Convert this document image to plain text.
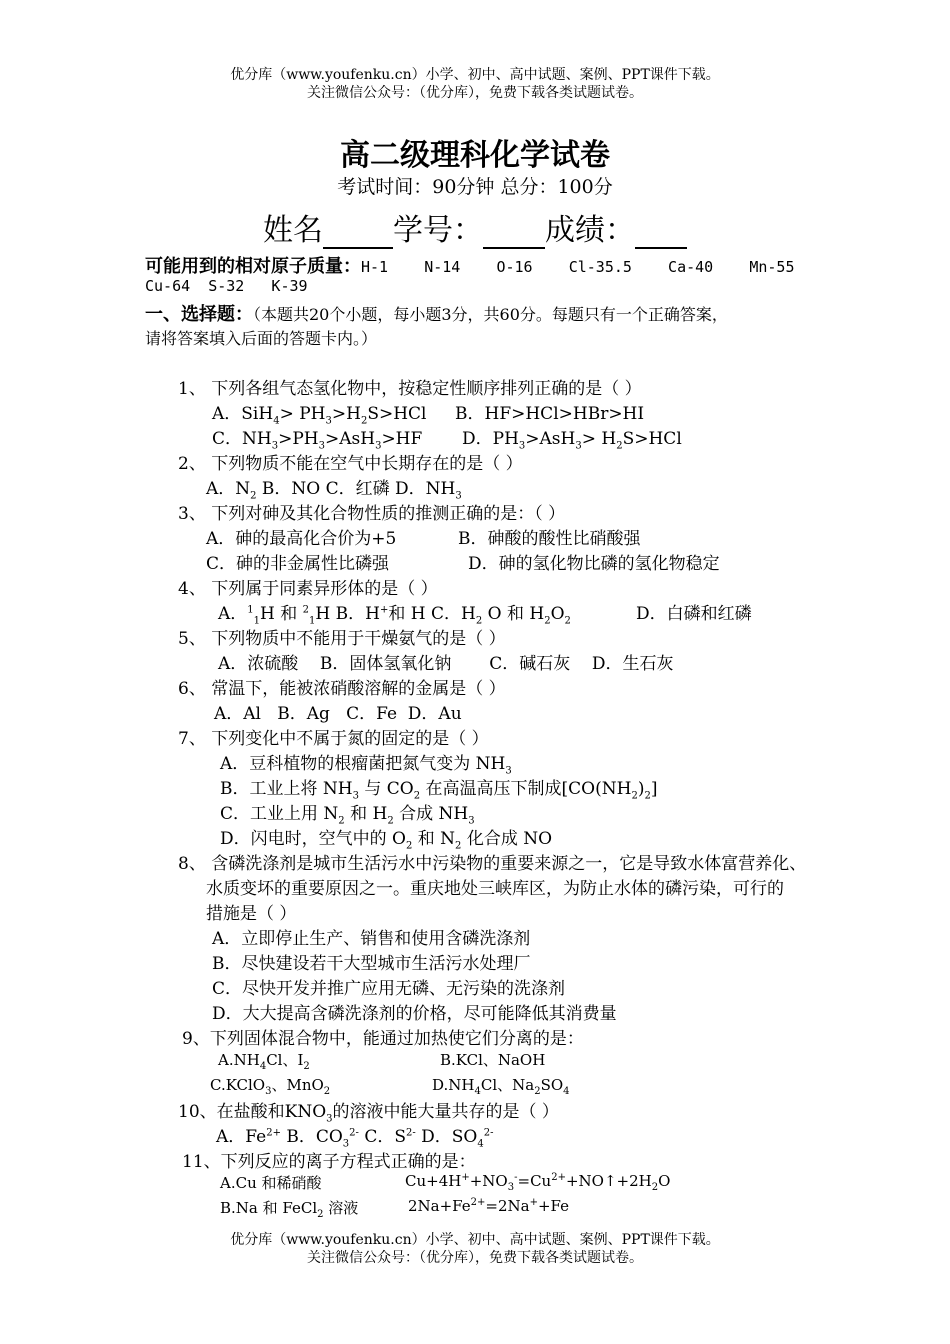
优分库（www.youfenku.cn）小学、初中、高中试题、案例、PPT课件下载。
关注微信公众号：（优分库），免费下载各类试题试卷。
高二级理科化学试卷
考试时间：90分钟 总分：100分
姓名 学号： 成绩：
可能用到的相对原子质量：H-1    N-14    O-16    Cl-35.5    Ca-40    Mn-55
Cu-64  S-32   K-39
一、选择题：（本题共20个小题，每小题3分，共60分。每题只有一个正确答案，
请将答案填入后面的答题卡内。）
1、 下列各组气态氢化物中，按稳定性顺序排列正确的是（ ）
A．$SiH_4> PH_3>H_2S>HCl$ B．HF>HCl>HBr>HI
C．$NH_3>PH_3>AsH_3>HF$ D．$PH_3>AsH_3> H_2S>HCl$
2、 下列物质不能在空气中长期存在的是（ ）
A．$N_2$ B．NO C．红磷 D．$NH_3$
3、 下列对砷及其化合物性质的推测正确的是：（ ）
A．砷的最高化合价为+5	B．砷酸的酸性比硝酸强
C．砷的非金属性比磷强	D．砷的氢化物比磷的氢化物稳定
4、 下列属于同素异形体的是（ ）
A．$^1_1$H 和 $^2_1$H B．H+和 H C．$H_2$ O 和 $H_2O_2$	D．白磷和红磷
5、 下列物质中不能用于干燥氨气的是（ ）
A．浓硫酸    B．固体氢氧化钠       C．碱石灰    D．生石灰
6、 常温下，能被浓硝酸溶解的金属是（ ）
A．Al   B．Ag   C．Fe  D．Au
7、 下列变化中不属于氮的固定的是（ ）
A．豆科植物的根瘤菌把氮气变为 $NH_3$
B．工业上将 $NH_3$ 与 $CO_2$ 在高温高压下制成$[CO(NH_2)_2]$
C．工业上用 $N_2$ 和 $H_2$ 合成 $NH_3$
D．闪电时，空气中的 $O_2$ 和 $N_2$ 化合成 NO
8、 含磷洗涤剂是城市生活污水中污染物的重要来源之一，它是导致水体富营养化、
水质变坏的重要原因之一。重庆地处三峡库区，为防止水体的磷污染，可行的
措施是（ ）
A．立即停止生产、销售和使用含磷洗涤剂
B．尽快建设若干大型城市生活污水处理厂
C．尽快开发并推广应用无磷、无污染的洗涤剂
D．大大提高含磷洗涤剂的价格，尽可能降低其消费量
9、下列固体混合物中，能通过加热使它们分离的是：
$A.NH_4Cl$、$I_2$	B.KCl、NaOH
C.KClO$_3$、MnO$_2$	$D.NH_4Cl$、$Na_2SO_4$
10、在盐酸和$KNO_3$的溶液中能大量共存的是（ ）
A．$Fe^{2+}$ B．$CO_3^{2-}$ C．$S^{2-}$ D．$SO_4^{2-}$
11、下列反应的离子方程式正确的是：
A.Cu 和稀硝酸	$Cu+4H^++NO_3^-=Cu^{2+}+NO↑+2H_2O$
B.Na 和 FeCl$_2$ 溶液	$2Na+Fe^{2+}=2Na^++Fe$
优分库（www.youfenku.cn）小学、初中、高中试题、案例、PPT课件下载。
关注微信公众号：（优分库），免费下载各类试题试卷。
